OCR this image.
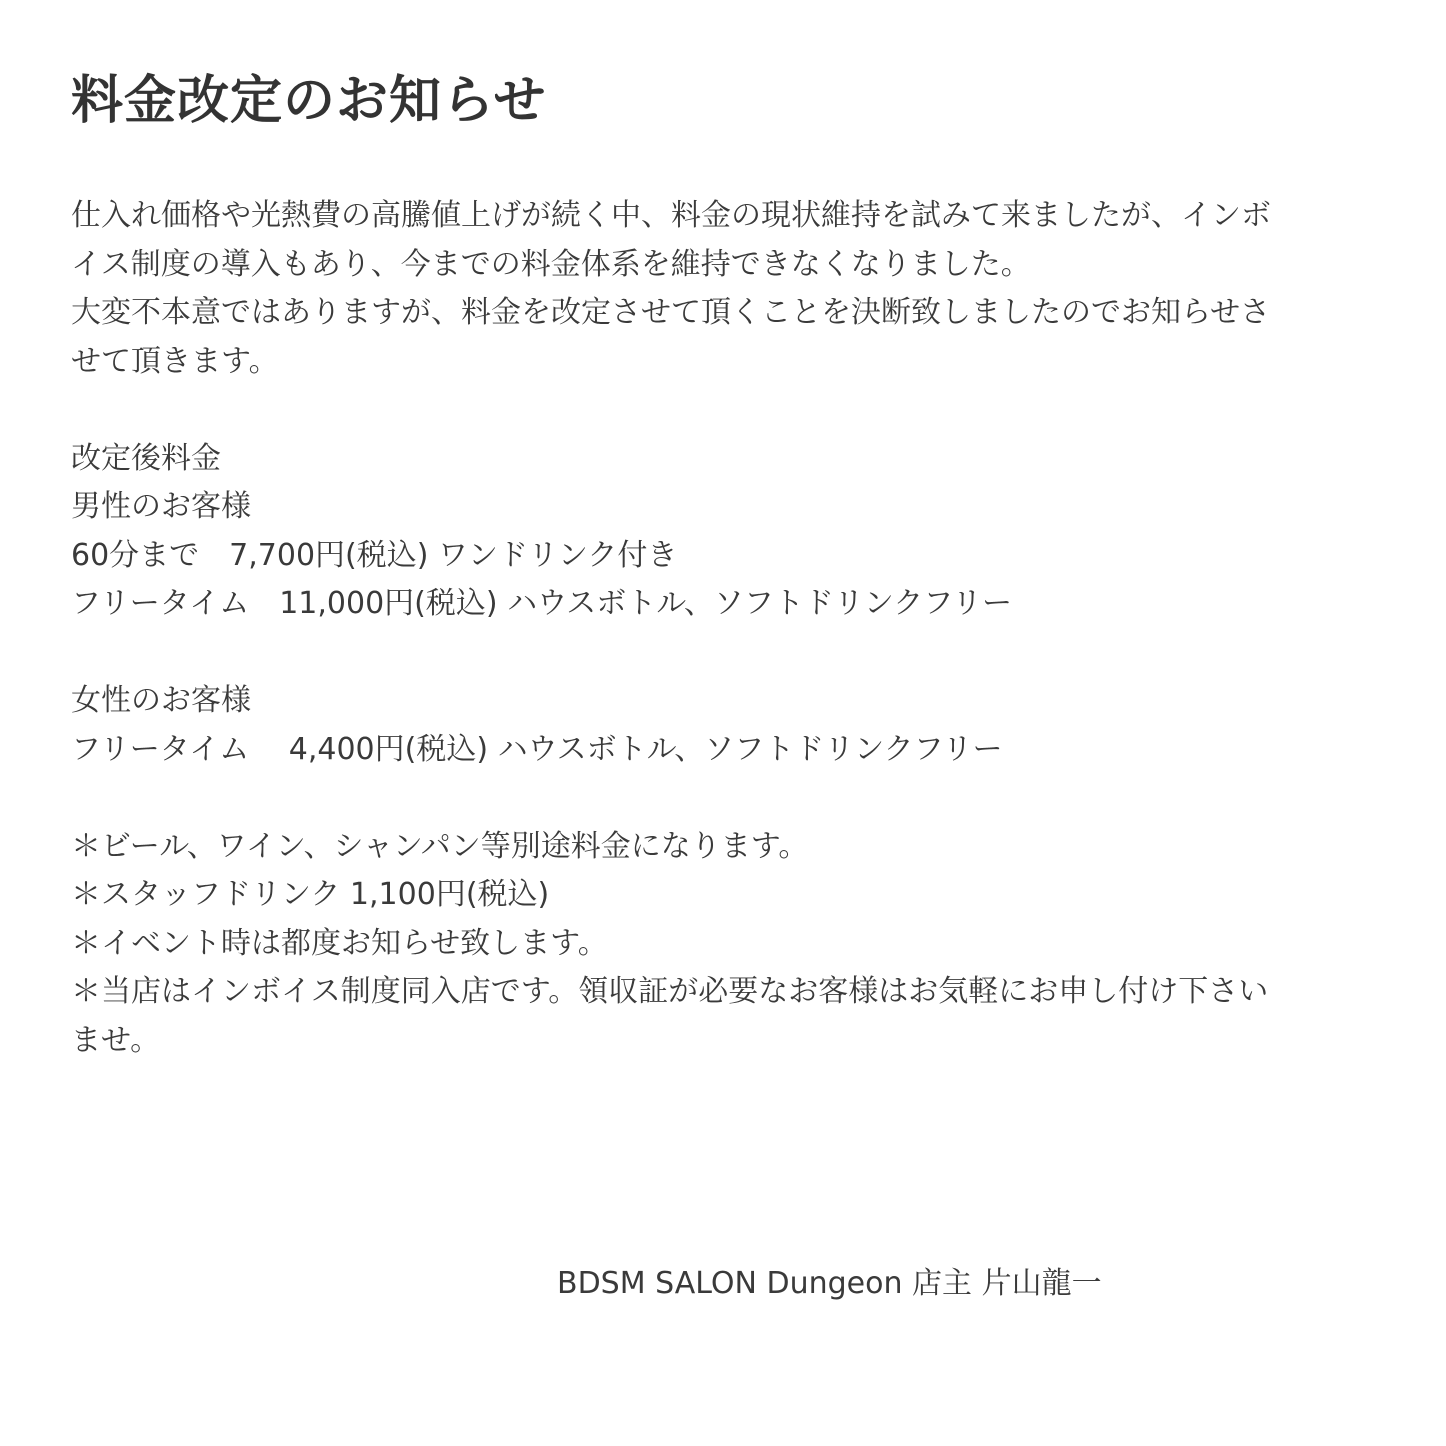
料金改定のお知らせ
仕入れ価格や光熱費の高騰値上げが続く中、料金の現状維持を試みて来ましたが、インボ
イス制度の導入もあり、今までの料金体系を維持できなくなりました。
大変不本意ではありますが、料金を改定させて頂くことを決断致しましたのでお知らせさ
せて頂きます。
改定後料金
男性のお客様
60分まで　7,700円(税込) ワンドリンク付き
フリータイム　11,000円(税込) ハウスボトル、ソフトドリンクフリー
女性のお客様
フリータイム　 4,400円(税込) ハウスボトル、ソフトドリンクフリー
＊ビール、ワイン、シャンパン等別途料金になります。
＊スタッフドリンク 1,100円(税込)
＊イベント時は都度お知らせ致します。
＊当店はインボイス制度同入店です。領収証が必要なお客様はお気軽にお申し付け下さい
ませ。
BDSM SALON Dungeon 店主 片山龍一
